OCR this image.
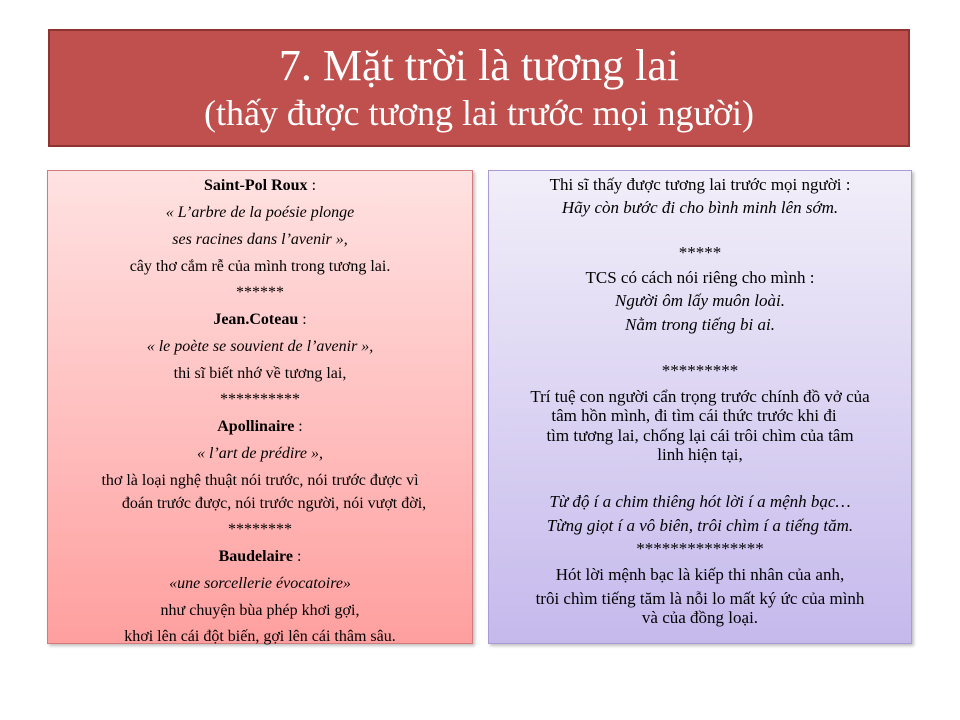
7. Mặt trời là tương lai
(thấy được tương lai trước mọi người)
Saint-Pol Roux :
« L’arbre de la poésie plonge
ses racines dans l’avenir »,
cây thơ cắm rễ của mình trong tương lai.
******
Jean.Coteau :
« le poète se souvient de l’avenir »,
thi sĩ biết nhớ về tương lai,
**********
Apollinaire :
« l’art de prédire »,
thơ là loại nghệ thuật nói trước, nói trước được vì
đoán trước được, nói trước người, nói vượt đời,
********
Baudelaire :
«une sorcellerie évocatoire»
như chuyện bùa phép khơi gợi,
khơi lên cái đột biến, gợi lên cái thâm sâu.
Thi sĩ thấy được tương lai trước mọi người :
Hãy còn bước đi cho bình minh lên sớm.
*****
TCS có cách nói riêng cho mình :
Người ôm lấy muôn loài.
Nằm trong tiếng bi ai.
*********
Trí tuệ con người cẩn trọng trước chính đồ vở của
tâm hồn mình, đi tìm cái thức trước khi đi
tìm tương lai, chống lại cái trôi chìm của tâm
linh hiện tại,
Từ độ í a chim thiêng hót lời í a mệnh bạc…
Từng giọt í a vô biên, trôi chìm í a tiếng tăm.
***************
Hót lời mệnh bạc là kiếp thi nhân của anh,
trôi chìm tiếng tăm là nỗi lo mất ký ức của mình
và của đồng loại.
